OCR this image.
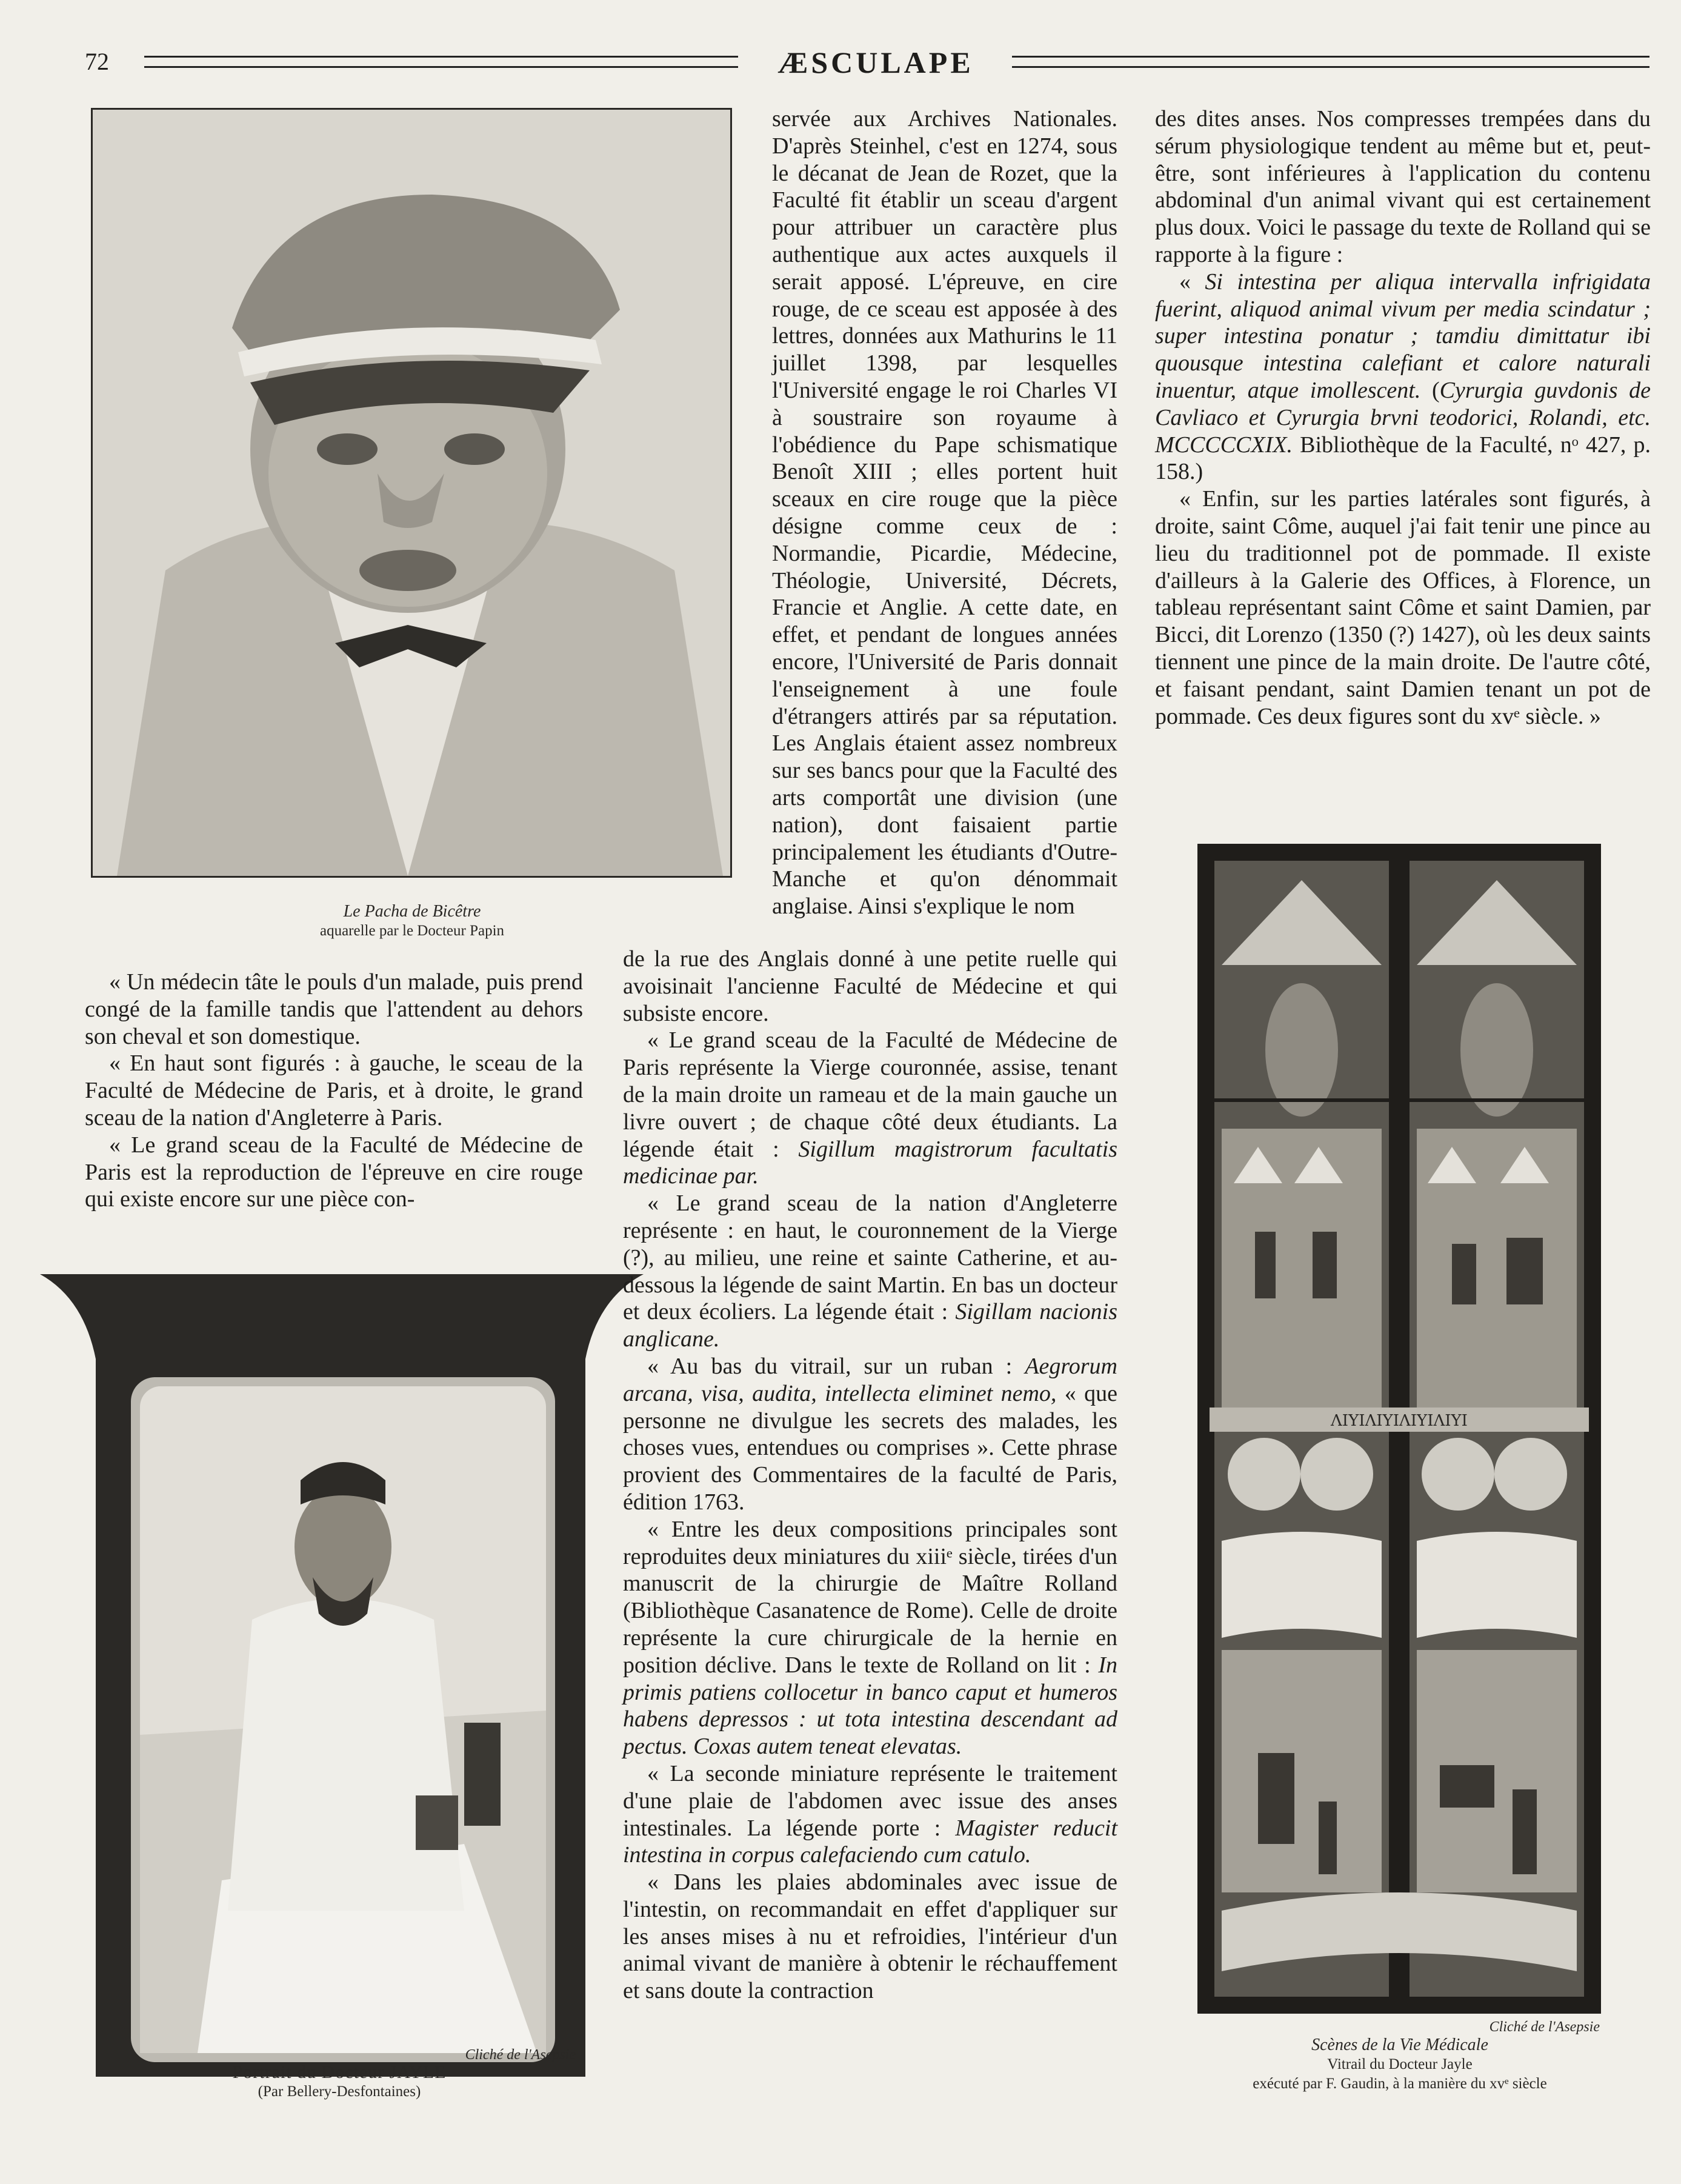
72	ÆSCULAPE
Le Pacha de Bicêtre
aquarelle par le Docteur Papin

« Un médecin tâte le pouls d'un malade, puis prend congé de la famille tandis que l'attendent au dehors son cheval et son domestique.

« En haut sont figurés : à gauche, le sceau de la Faculté de Médecine de Paris, et à droite, le grand sceau de la nation d'Angleterre à Paris.

« Le grand sceau de la Faculté de Médecine de Paris est la reproduction de l'épreuve en cire rouge qui existe encore sur une pièce con-

Cliché de l'Asepsie
Portrait du Docteur JAYLE
(Par Bellery-Desfontaines)

servée aux Archives Nationales. D'après Steinhel, c'est en 1274, sous le décanat de Jean de Rozet, que la Faculté fit établir un sceau d'argent pour attribuer un caractère plus authentique aux actes auxquels il serait apposé. L'épreuve, en cire rouge, de ce sceau est apposée à des lettres, données aux Mathurins le 11 juillet 1398, par lesquelles l'Université engage le roi Charles VI à soustraire son royaume à l'obédience du Pape schismatique Benoît XIII ; elles portent huit sceaux en cire rouge que la pièce désigne comme ceux de : Normandie, Picardie, Médecine, Théologie, Université, Décrets, Francie et Anglie. A cette date, en effet, et pendant de longues années encore, l'Université de Paris donnait l'enseignement à une foule d'étrangers attirés par sa réputation. Les Anglais étaient assez nombreux sur ses bancs pour que la Faculté des arts comportât une division (une nation), dont faisaient partie principalement les étudiants d'Outre-Manche et qu'on dénommait anglaise. Ainsi s'explique le nom

de la rue des Anglais donné à une petite ruelle qui avoisinait l'ancienne Faculté de Médecine et qui subsiste encore.

« Le grand sceau de la Faculté de Médecine de Paris représente la Vierge couronnée, assise, tenant de la main droite un rameau et de la main gauche un livre ouvert ; de chaque côté deux étudiants. La légende était : Sigillum magistrorum facultatis medicinae par.

« Le grand sceau de la nation d'Angleterre représente : en haut, le couronnement de la Vierge (?), au milieu, une reine et sainte Catherine, et au-dessous la légende de saint Martin. En bas un docteur et deux écoliers. La légende était : Sigillam nacionis anglicane.

« Au bas du vitrail, sur un ruban : Aegrorum arcana, visa, audita, intellecta eliminet nemo, « que personne ne divulgue les secrets des malades, les choses vues, entendues ou comprises ». Cette phrase provient des Commentaires de la faculté de Paris, édition 1763.

« Entre les deux compositions principales sont reproduites deux miniatures du xiiiᵉ siècle, tirées d'un manuscrit de la chirurgie de Maître Rolland (Bibliothèque Casanatence de Rome). Celle de droite représente la cure chirurgicale de la hernie en position déclive. Dans le texte de Rolland on lit : In primis patiens collocetur in banco caput et humeros habens depressos : ut tota intestina descendant ad pectus. Coxas autem teneat elevatas.

« La seconde miniature représente le traitement d'une plaie de l'abdomen avec issue des anses intestinales. La légende porte : Magister reducit intestina in corpus calefaciendo cum catulo.

« Dans les plaies abdominales avec issue de l'intestin, on recommandait en effet d'appliquer sur les anses mises à nu et refroidies, l'intérieur d'un animal vivant de manière à obtenir le réchauffement et sans doute la contraction

des dites anses. Nos compresses trempées dans du sérum physiologique tendent au même but et, peut-être, sont inférieures à l'application du contenu abdominal d'un animal vivant qui est certainement plus doux. Voici le passage du texte de Rolland qui se rapporte à la figure :

« Si intestina per aliqua intervalla infrigidata fuerint, aliquod animal vivum per media scindatur ; super intestina ponatur ; tamdiu dimittatur ibi quousque intestina calefiant et calore naturali inuentur, atque imollescent. (Cyrurgia guvdonis de Cavliaco et Cyrurgia brvni teodorici, Rolandi, etc. MCCCCCXIX. Bibliothèque de la Faculté, nᵒ 427, p. 158.)

« Enfin, sur les parties latérales sont figurés, à droite, saint Côme, auquel j'ai fait tenir une pince au lieu du traditionnel pot de pommade. Il existe d'ailleurs à la Galerie des Offices, à Florence, un tableau représentant saint Côme et saint Damien, par Bicci, dit Lorenzo (1350 (?) 1427), où les deux saints tiennent une pince de la main droite. De l'autre côté, et faisant pendant, saint Damien tenant un pot de pommade. Ces deux figures sont du xvᵉ siècle. »

ΛΙΥΙΛΙΥΙΛΙΥΙΛΙΥΙ
Cliché de l'Asepsie
Scènes de la Vie Médicale
Vitrail du Docteur Jayle
exécuté par F. Gaudin, à la manière du xvᵉ siècle
